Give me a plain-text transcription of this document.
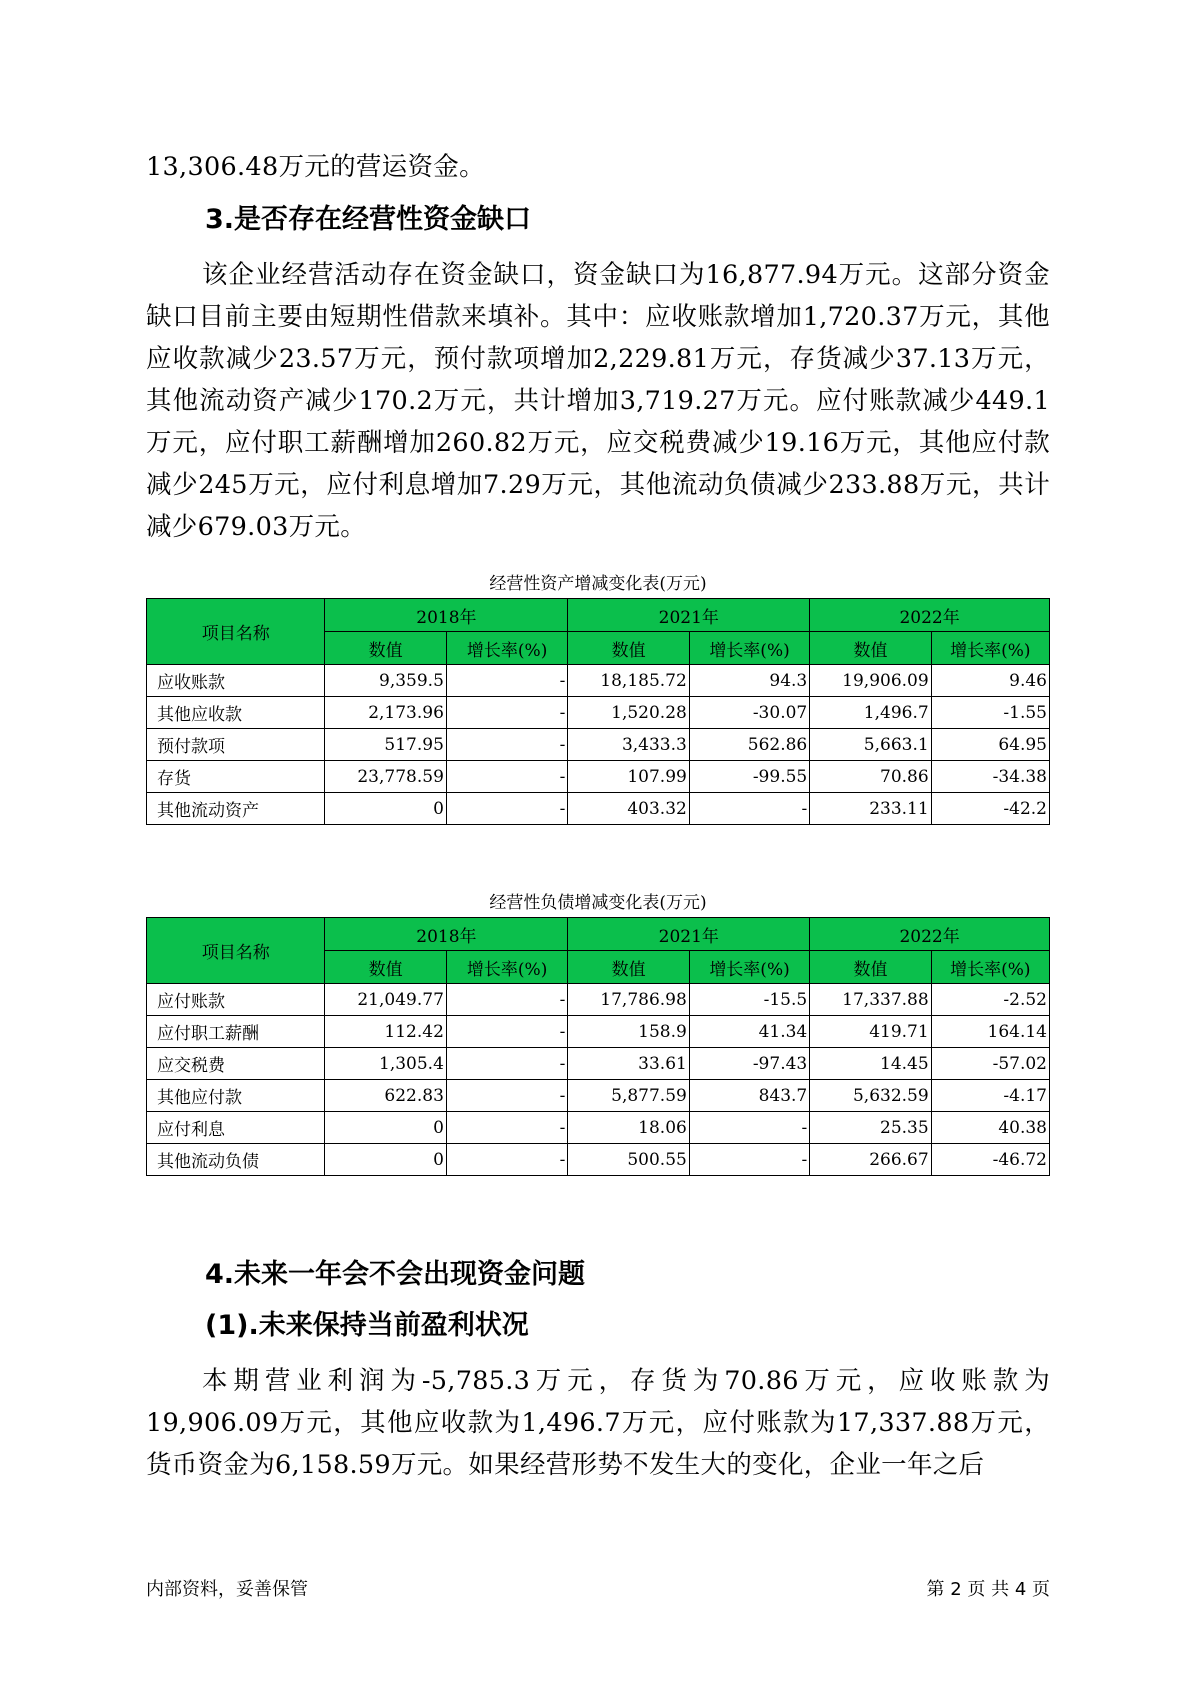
13,306.48万元的营运资金。

3.是否存在经营性资金缺口

该企业经营活动存在资金缺口，资金缺口为16,877.94万元。这部分资金缺口目前主要由短期性借款来填补。其中：应收账款增加1,720.37万元，其他应收款减少23.57万元，预付款项增加2,229.81万元，存货减少37.13万元，其他流动资产减少170.2万元，共计增加3,719.27万元。应付账款减少449.1万元，应付职工薪酬增加260.82万元，应交税费减少19.16万元，其他应付款减少245万元，应付利息增加7.29万元，其他流动负债减少233.88万元，共计减少679.03万元。

经营性资产增减变化表(万元)

项目名称	2018年		2021年		2022年	
	数值	增长率(%)	数值	增长率(%)	数值	增长率(%)
应收账款	9,359.5	-	18,185.72	94.3	19,906.09	9.46
其他应收款	2,173.96	-	1,520.28	-30.07	1,496.7	-1.55
预付款项	517.95	-	3,433.3	562.86	5,663.1	64.95
存货	23,778.59	-	107.99	-99.55	70.86	-34.38
其他流动资产	0	-	403.32	-	233.11	-42.2

经营性负债增减变化表(万元)

项目名称	2018年		2021年		2022年	
	数值	增长率(%)	数值	增长率(%)	数值	增长率(%)
应付账款	21,049.77	-	17,786.98	-15.5	17,337.88	-2.52
应付职工薪酬	112.42	-	158.9	41.34	419.71	164.14
应交税费	1,305.4	-	33.61	-97.43	14.45	-57.02
其他应付款	622.83	-	5,877.59	843.7	5,632.59	-4.17
应付利息	0	-	18.06	-	25.35	40.38
其他流动负债	0	-	500.55	-	266.67	-46.72
4.未来一年会不会出现资金问题
(1).未来保持当前盈利状况

本期营业利润为-5,785.3万元，存货为70.86万元，应收账款为19,906.09万元，其他应收款为1,496.7万元，应付账款为17,337.88万元，货币资金为6,158.59万元。如果经营形势不发生大的变化，企业一年之后

内部资料，妥善保管	第 2 页 共 4 页
